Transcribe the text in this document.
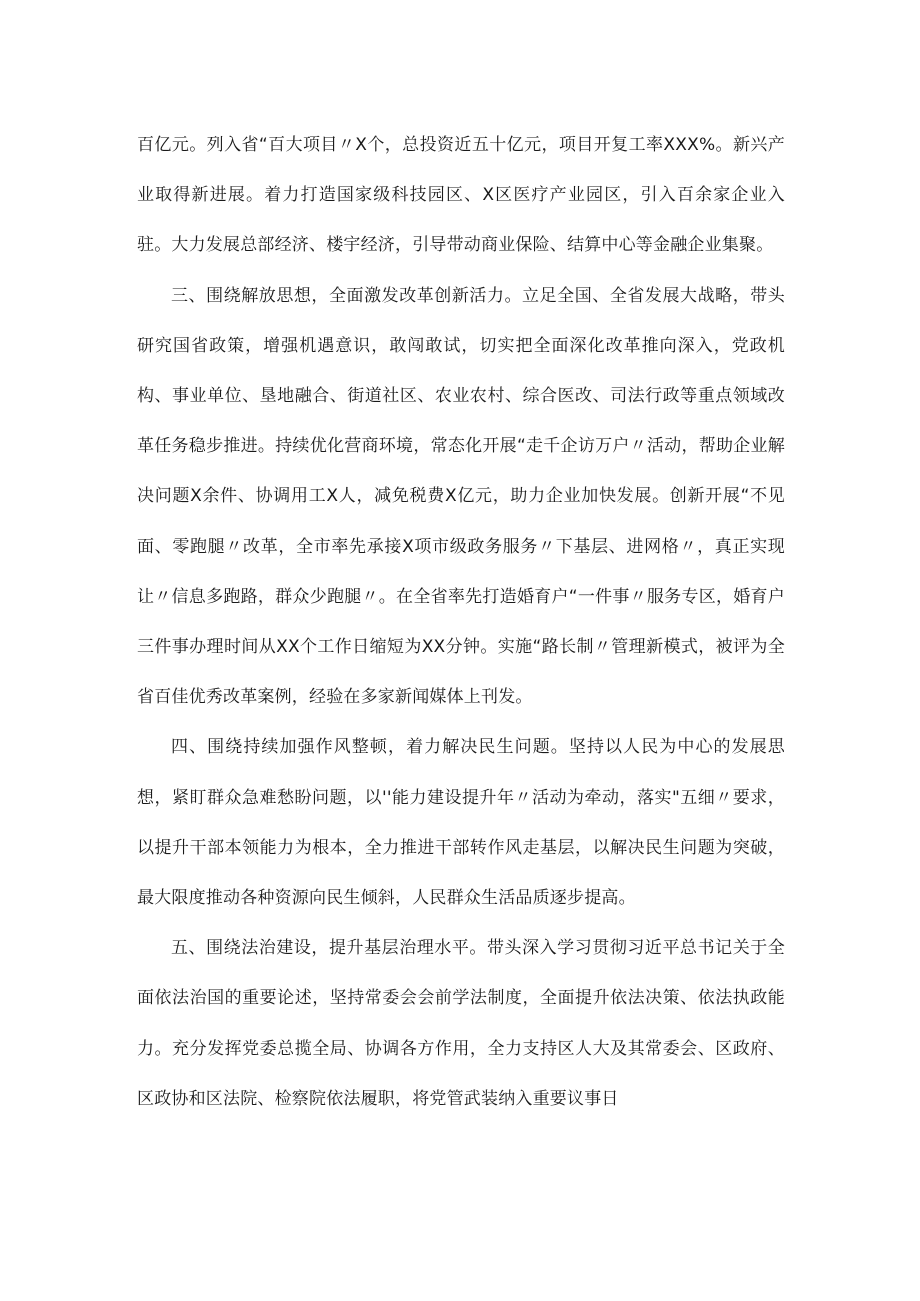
百亿元。列入省“百大项目〃X个，总投资近五十亿元，项目开复工率XXX%。新兴产业取得新进展。着力打造国家级科技园区、X区医疗产业园区，引入百余家企业入驻。大力发展总部经济、楼宇经济，引导带动商业保险、结算中心等金融企业集聚。

三、围绕解放思想，全面激发改革创新活力。立足全国、全省发展大战略，带头研究国省政策，增强机遇意识，敢闯敢试，切实把全面深化改革推向深入，党政机构、事业单位、垦地融合、街道社区、农业农村、综合医改、司法行政等重点领域改革任务稳步推进。持续优化营商环境，常态化开展“走千企访万户〃活动，帮助企业解决问题X余件、协调用工X人，减免税费X亿元，助力企业加快发展。创新开展“不见面、零跑腿〃改革，全市率先承接X项市级政务服务〃下基层、进网格〃，真正实现让〃信息多跑路，群众少跑腿〃。在全省率先打造婚育户“一件事〃服务专区，婚育户三件事办理时间从XX个工作日缩短为XX分钟。实施“路长制〃管理新模式，被评为全省百佳优秀改革案例，经验在多家新闻媒体上刊发。

四、围绕持续加强作风整顿，着力解决民生问题。坚持以人民为中心的发展思想，紧盯群众急难愁盼问题，以''能力建设提升年〃活动为牵动，落实"五细〃要求，以提升干部本领能力为根本，全力推进干部转作风走基层，以解决民生问题为突破，最大限度推动各种资源向民生倾斜，人民群众生活品质逐步提高。

五、围绕法治建设，提升基层治理水平。带头深入学习贯彻习近平总书记关于全面依法治国的重要论述，坚持常委会会前学法制度，全面提升依法决策、依法执政能力。充分发挥党委总揽全局、协调各方作用，全力支持区人大及其常委会、区政府、区政协和区法院、检察院依法履职，将党管武装纳入重要议事日
